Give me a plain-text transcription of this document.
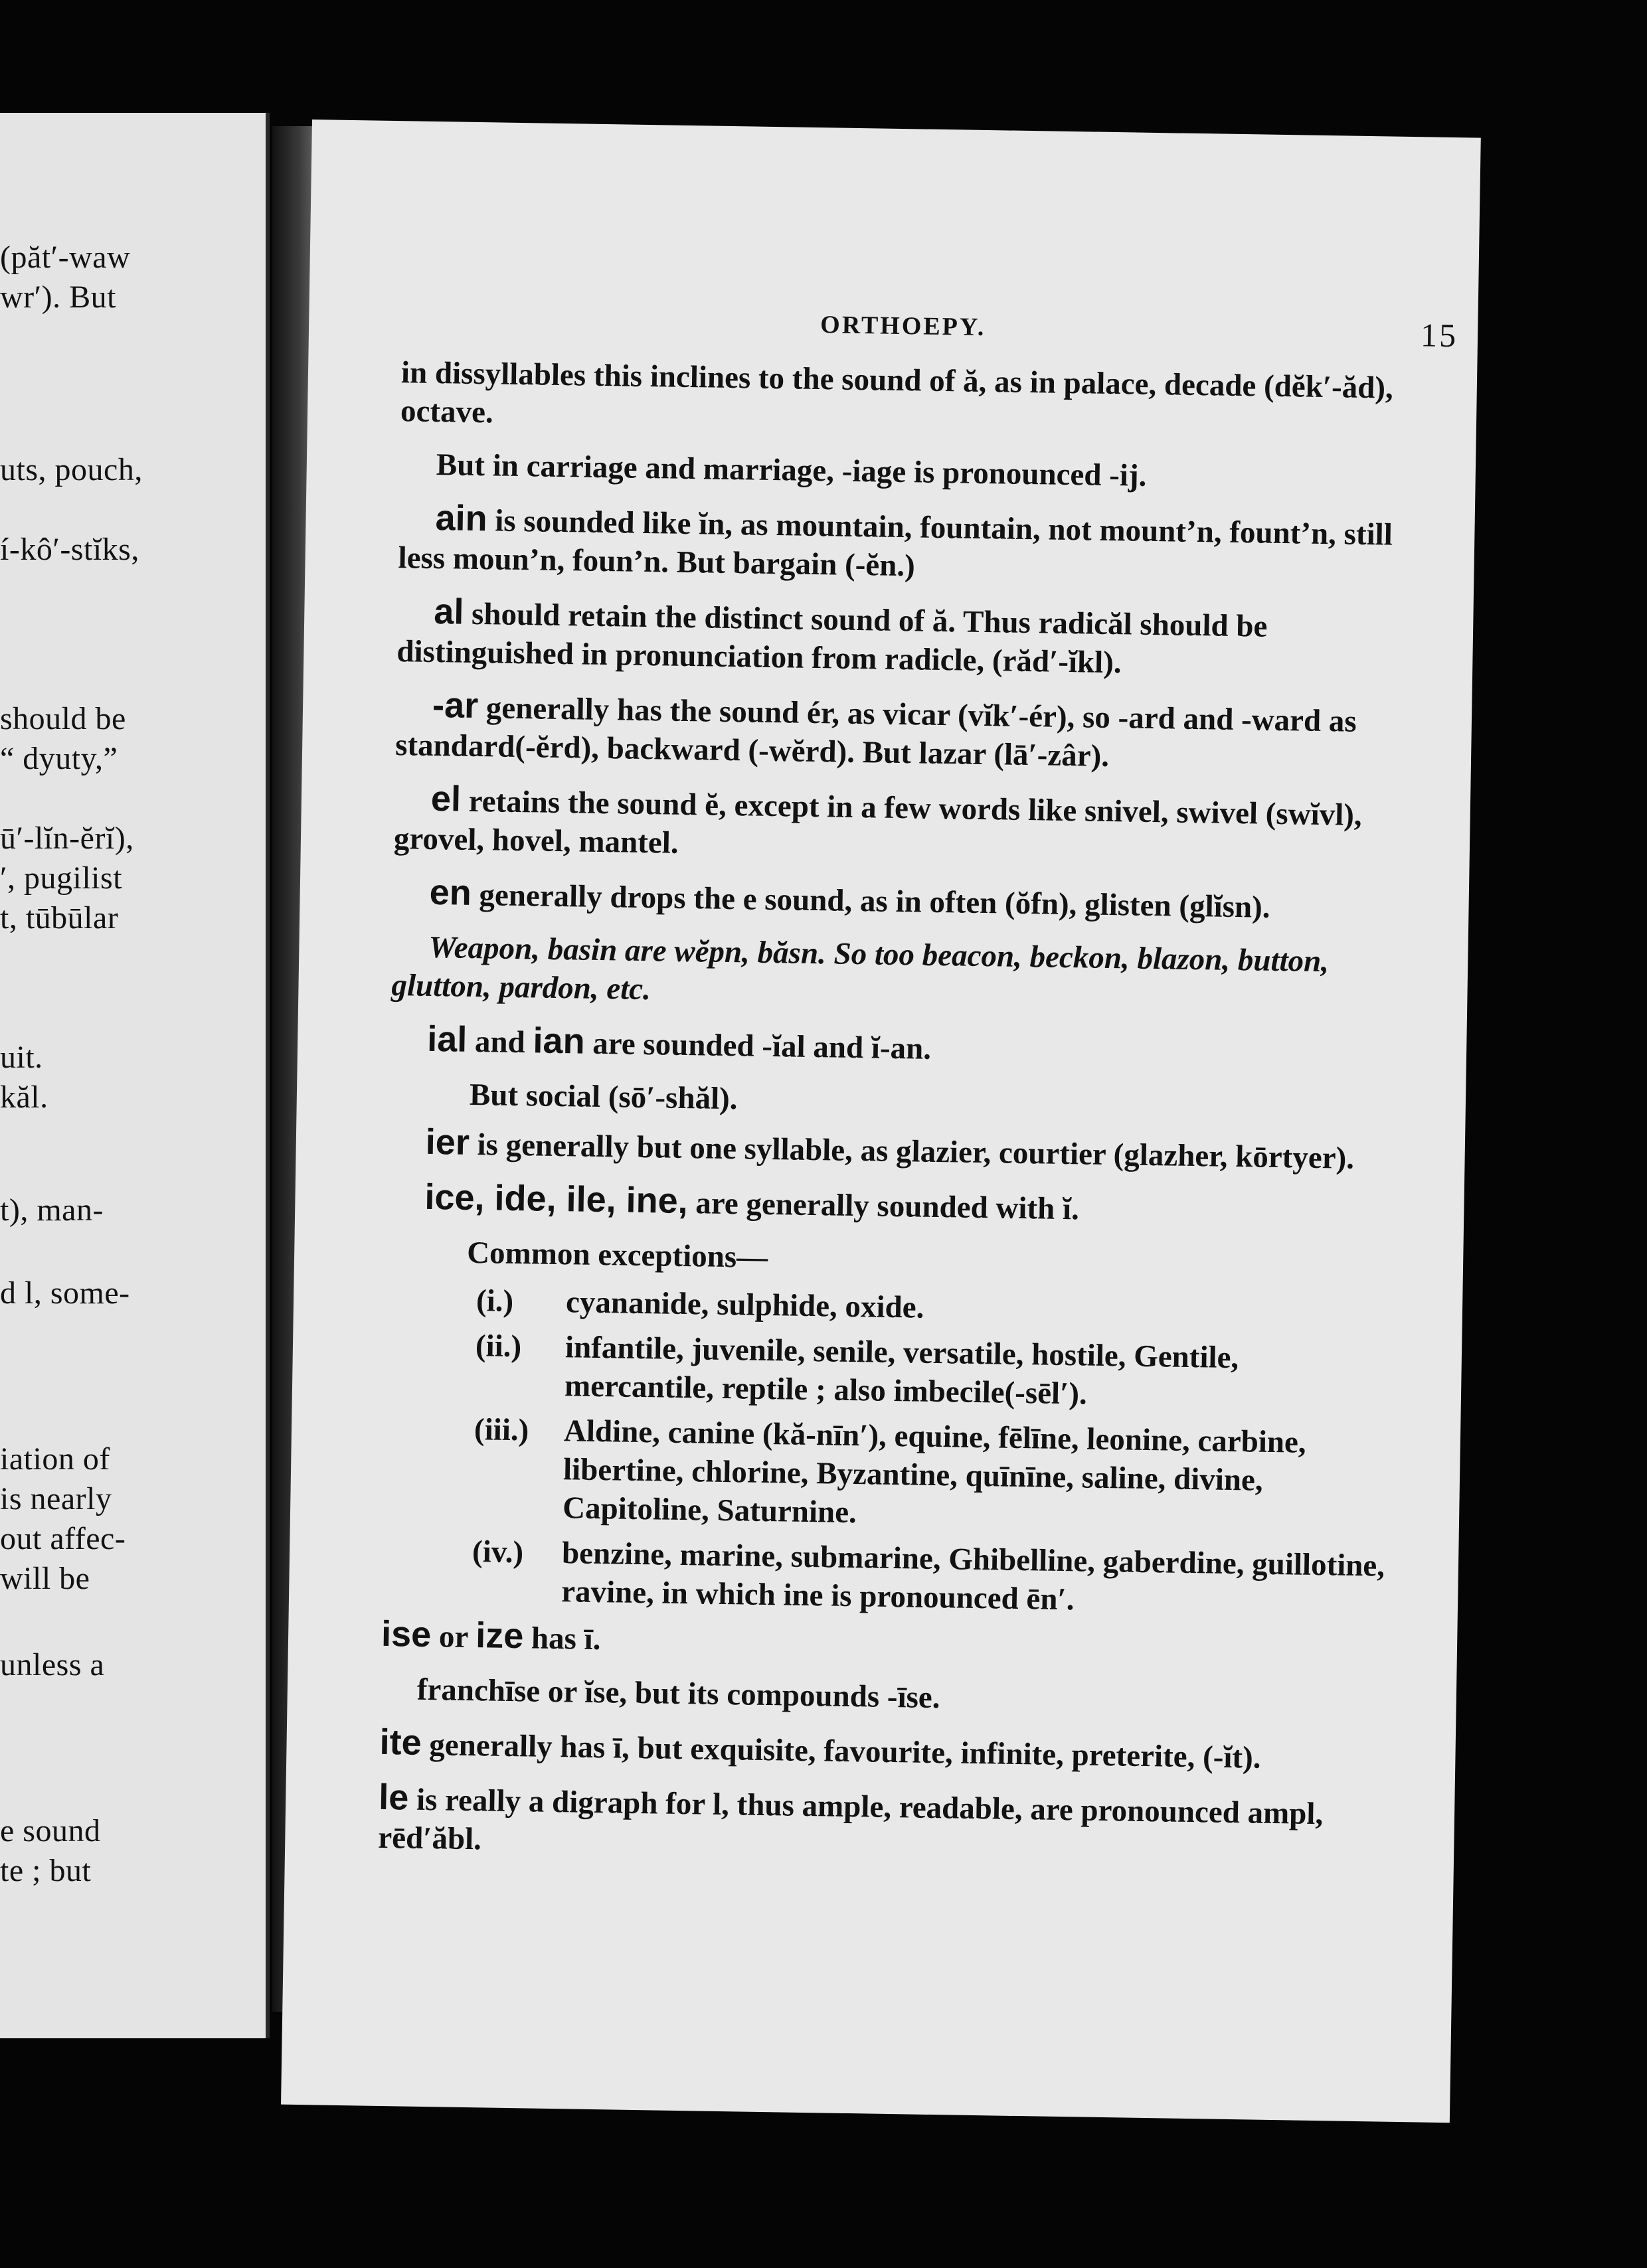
(păt′-waw
wr′). But
uts, pouch,
í-kô′-stĭks,
should be
“ dyuty,”
ū′-lĭn-ĕrĭ),
′, pugilist
t, tūbūlar
uit.
kăl.
t), man-
d l, some-
iation of
is nearly
out affec-
will be
unless a
e sound
te ; but
ORTHOEPY.	15

in dissyllables this inclines to the sound of ă, as in palace, decade (dĕk′-ăd), octave.

But in carriage and marriage, -iage is pronounced -ij.

ain is sounded like ĭn, as mountain, fountain, not mount’n, fount’n, still less moun’n, foun’n. But bargain (-ĕn.)

al should retain the distinct sound of ă. Thus radicăl should be distinguished in pronunciation from radicle, (răd′-ĭkl).

-ar generally has the sound ér, as vicar (vĭk′-ér), so -ard and -ward as standard(-ĕrd), backward (-wĕrd). But lazar (lā′-zâr).

el retains the sound ĕ, except in a few words like snivel, swivel (swĭvl), grovel, hovel, mantel.

en generally drops the e sound, as in often (ŏfn), glisten (glĭsn).

Weapon, basin are wĕpn, băsn. So too beacon, beckon, blazon, button, glutton, pardon, etc.

ial and ian are sounded -ĭal and ĭ-an.

But social (sō′-shăl).

ier is generally but one syllable, as glazier, courtier (glazher, kōrtyer).

ice, ide, ile, ine, are generally sounded with ĭ.

Common exceptions—

(i.) cyananide, sulphide, oxide.

(ii.) infantile, juvenile, senile, versatile, hostile, Gentile, mercantile, reptile ; also imbecile(-sēl′).

(iii.) Aldine, canine (kă-nīn′), equine, fēlīne, leonine, carbine, libertine, chlorine, Byzantine, quīnīne, saline, divine, Capitoline, Saturnine.

(iv.) benzine, marine, submarine, Ghibelline, gaberdine, guillotine, ravine, in which ine is pronounced ēn′.

ise or ize has ī.

franchīse or ĭse, but its compounds -īse.

ite generally has ī, but exquisite, favourite, infinite, preterite, (-ĭt).

le is really a digraph for l, thus ample, readable, are pronounced ampl, rēd′ăbl.
